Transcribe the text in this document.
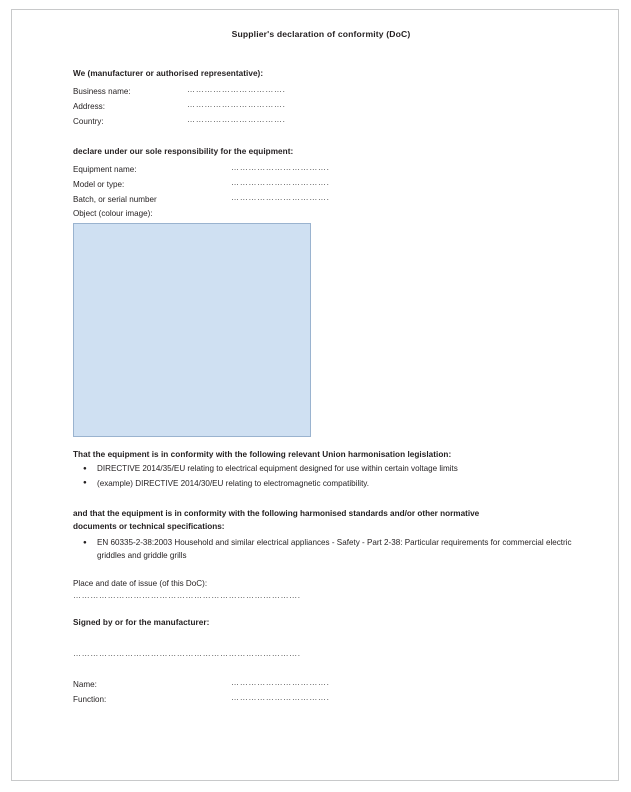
Supplier's declaration of conformity (DoC)
We (manufacturer or authorised representative):
Business name:	…………………………….
Address:	…………………………….
Country:	…………………………….
declare under our sole responsibility for the equipment:
Equipment name:	…………………………….
Model or type:	…………………………….
Batch, or serial number	…………………………….
Object (colour image):
That the equipment is in conformity with the following relevant Union harmonisation legislation:
● DIRECTIVE 2014/35/EU relating to electrical equipment designed for use within certain voltage limits
● (example) DIRECTIVE 2014/30/EU relating to electromagnetic compatibility.
and that the equipment is in conformity with the following harmonised standards and/or other normative documents or technical specifications:
● EN 60335-2-38:2003 Household and similar electrical appliances - Safety - Part 2-38: Particular requirements for commercial electric griddles and griddle grills
Place and date of issue (of this DoC):
…………………………………………………………………….
Signed by or for the manufacturer:
…………………………………………………………………….
Name:	…………………………….
Function:	…………………………….
